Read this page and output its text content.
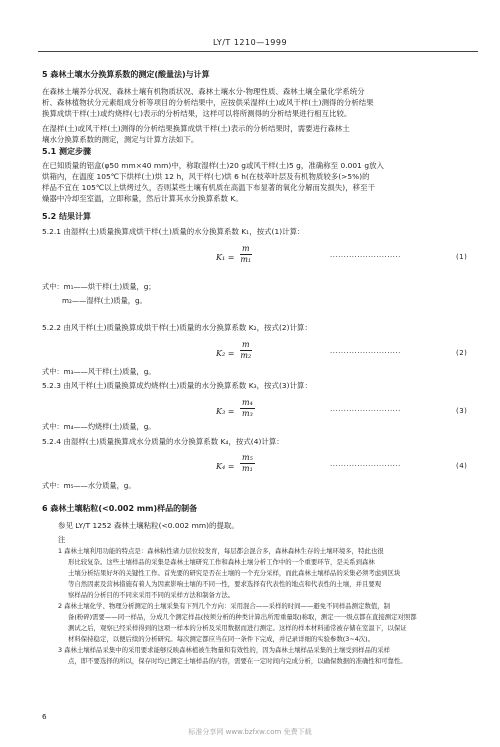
LY/T 1210—1999
5 森林土壤水分换算系数的测定(酸量法)与计算
在森林土壤养分状况、森林土壤有机物质状况、森林土壤水分-物理性质、森林土壤全量化学系统分
析、森林植物状分元素组成分析等项目的分析结果中，应按供采湿样(土)或风干样(土)测得的分析结果
换算成烘干样(土)或灼烧样(七)表示的分析结果，这样可以将所测得的分析结果进行相互比较。
在湿样(土)或风干样(土)测得的分析结果换算成烘干样(土)表示的分析结果时，需要进行森林土
壤水分换算系数的测定，测定与计算方法如下。
5.1 测定步骤
在已知质量的铝盒(φ50 mm×40 mm)中，称取湿样(土)20 g或风干样(土)5 g，准确称至 0.001 g放入
烘箱内，在温度 105℃下烘样(土)烘 12 h，风干样(七)烘 6 h(在枝萃叶层及有机物质较多(>5%)的
样品不宜在 105℃以上烘烤过久，否则某些土壤有机质在高温下布显著的氧化分解而发损失)，移至干
燥器中冷却至室温，立即称量，然后计算其水分换算系数 K。
5.2 结果计算
5.2.1 由湿样(土)质量换算成烘干样(土)质量的水分换算系数 K₁，按式(1)计算：
$K_1 = \frac{m}{\text{m₁}}$	··························	(1)
式中：m₁——烘干样(土)质量，g；
m₂——湿样(土)质量，g。
5.2.2 由风干样(土)质量换算成烘干样(土)质量的水分换算系数 K₂，按式(2)计算：
$K_2 = \frac{m}{\text{m₂}}$	··························	(2)
式中：m₃——风干样(土)质量，g。
5.2.3 由风干样(土)质量换算成灼烧样(土)质量的水分换算系数 K₃，按式(3)计算：
$K_3 = \frac{\text{m₄}}{\text{m₃}}$	··························	(3)
式中：m₄——灼烧样(土)质量，g。
5.2.4 由湿样(土)质量换算成水分质量的水分换算系数 K₄，按式(4)计算：
$K_4 = \frac{\text{m₅}}{\text{m₁}}$	··························	(4)
式中：m₅——水分质量，g。
6 森林土壤粘粒(<0.002 mm)样品的制备
参见 LY/T 1252 森林土壤粘粒(<0.002 mm)的提取。
注
1 森林土壤利用功能的特点是：森林粘性诸力层位较发育，每层都会混合多，森林森林生存的土壤环境多，特此也很
形比较复杂。这些土壤样品的采集是森林土壤研究工作和森林土壤分析工作中的一个重要环节，是关系到森林
土壤分析结果好坏的关键性工作。首先要的研究是否在土壤的一个充分采样，而此森林土壤样品的采集必须考虑到区块
等自然因素及营林措施有着人为因素影响土壤的不同一性，要求选择有代表性的地点和代表性的土壤，并且要观
察样品的分析目的不同来采用不同的采样方法和制备方法。
2 森林土壤化学、物理分析测定的土壤采集有下列几个方向：采用混合——采样的时间——避免不同样品测定数值，制
备(粉碎)需要——同一样品，分成几个测定样品(按须分析的种类计算出所需重量取)称取，测定一一级点都在直接测定对照都
测试之后，观察已经采样得到的这项一样本的分析及采用数据而进行测定。这样的样本材料通常被存储在室温下，以保证
材料保持稳定，以便后续的分析研究。每次测定都应当在同一条件下完成，并记录详细的实验参数(3~4次)。
3 森林土壤样品采集中的采用要求能够反映森林植被生物量和有效性的，因为森林土壤样品采集的土壤受到样品的采样
点，即不要选择的所以，保存时均已测定土壤样品的内容，需要在一定时间内完成分析，以确保数据的准确性和可靠性。
6
标准分享网 www.bzfxw.com 免费下载
